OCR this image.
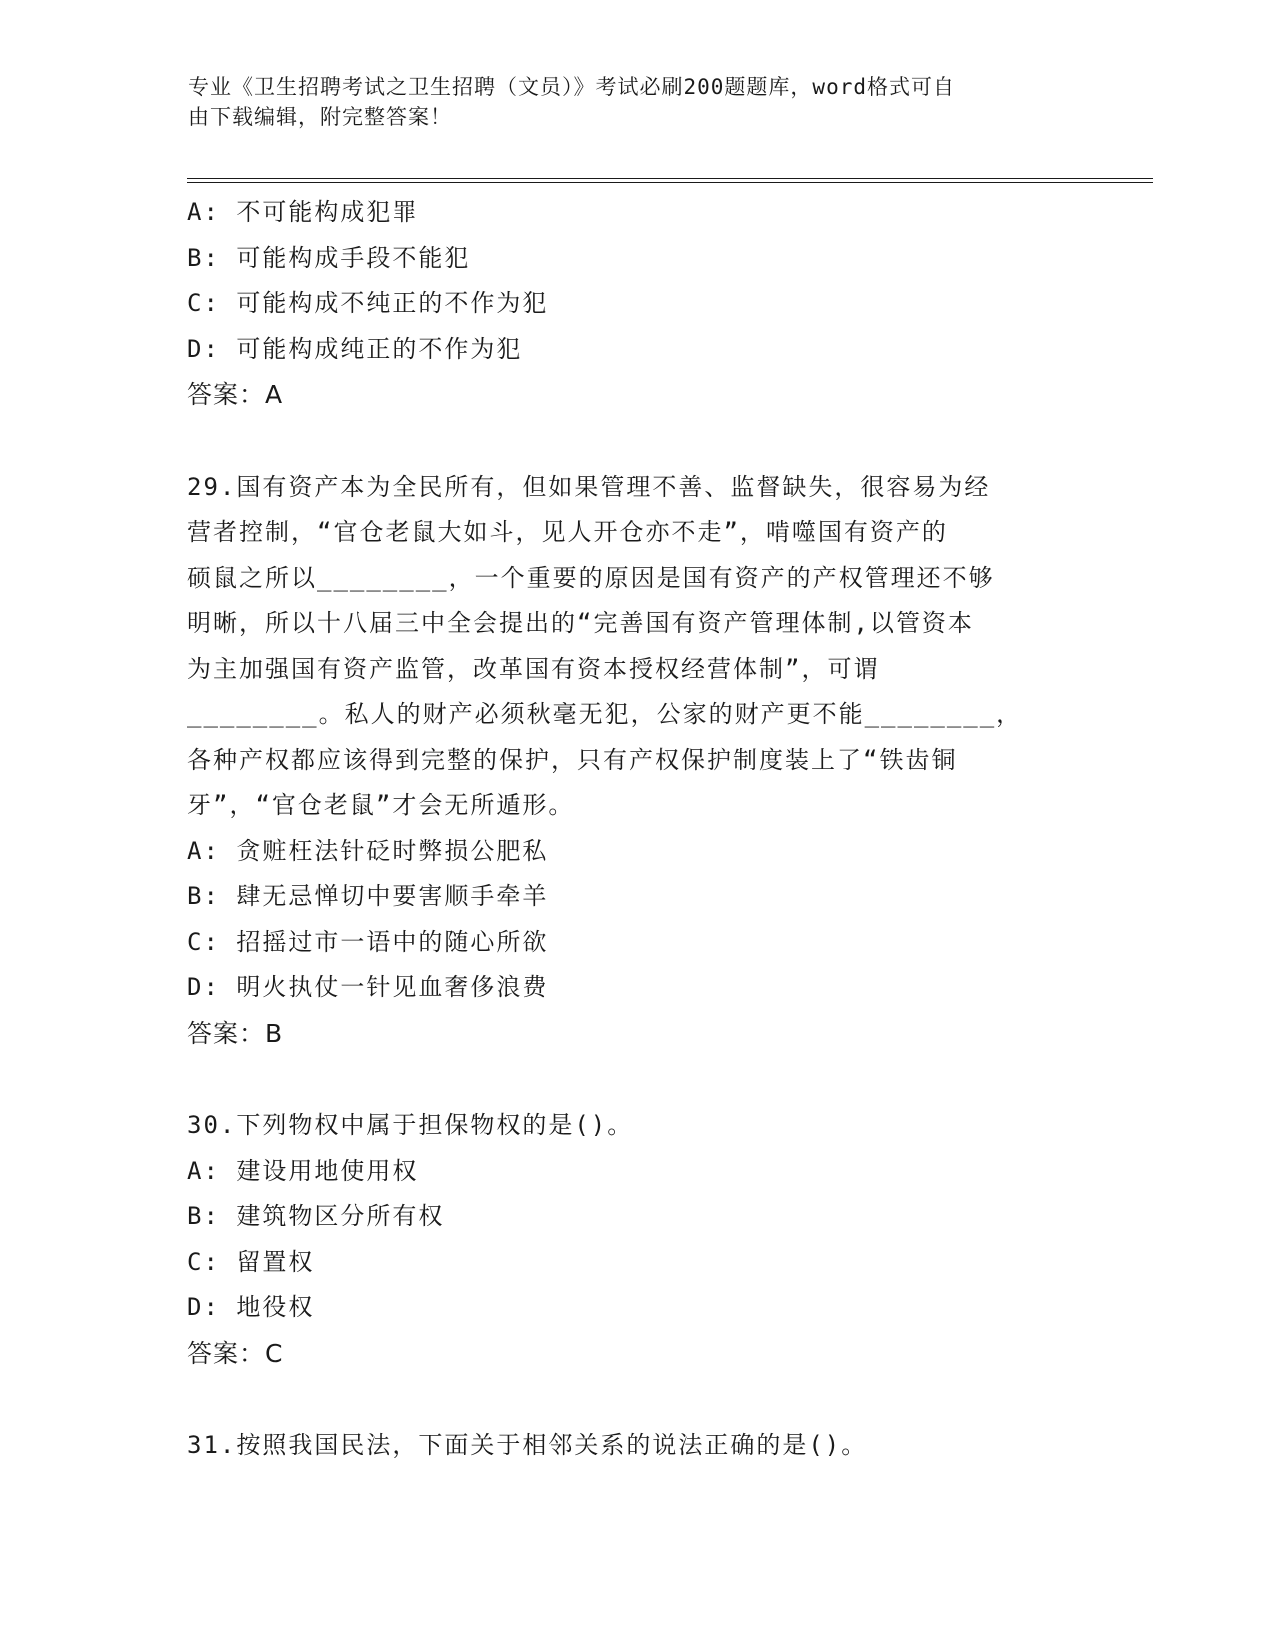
专业《卫生招聘考试之卫生招聘（文员）》考试必刷200题题库，word格式可自
由下载编辑，附完整答案！
A: 不可能构成犯罪
B: 可能构成手段不能犯
C: 可能构成不纯正的不作为犯
D: 可能构成纯正的不作为犯
答案：A
29.国有资产本为全民所有，但如果管理不善、监督缺失，很容易为经
营者控制，“官仓老鼠大如斗，见人开仓亦不走”，啃噬国有资产的
硕鼠之所以________，一个重要的原因是国有资产的产权管理还不够
明晰，所以十八届三中全会提出的“完善国有资产管理体制,以管资本
为主加强国有资产监管，改革国有资本授权经营体制”，可谓
________。私人的财产必须秋毫无犯，公家的财产更不能________，
各种产权都应该得到完整的保护，只有产权保护制度装上了“铁齿铜
牙”，“官仓老鼠”才会无所遁形。
A: 贪赃枉法针砭时弊损公肥私
B: 肆无忌惮切中要害顺手牵羊
C: 招摇过市一语中的随心所欲
D: 明火执仗一针见血奢侈浪费
答案：B
30.下列物权中属于担保物权的是()。
A: 建设用地使用权
B: 建筑物区分所有权
C: 留置权
D: 地役权
答案：C
31.按照我国民法，下面关于相邻关系的说法正确的是()。
